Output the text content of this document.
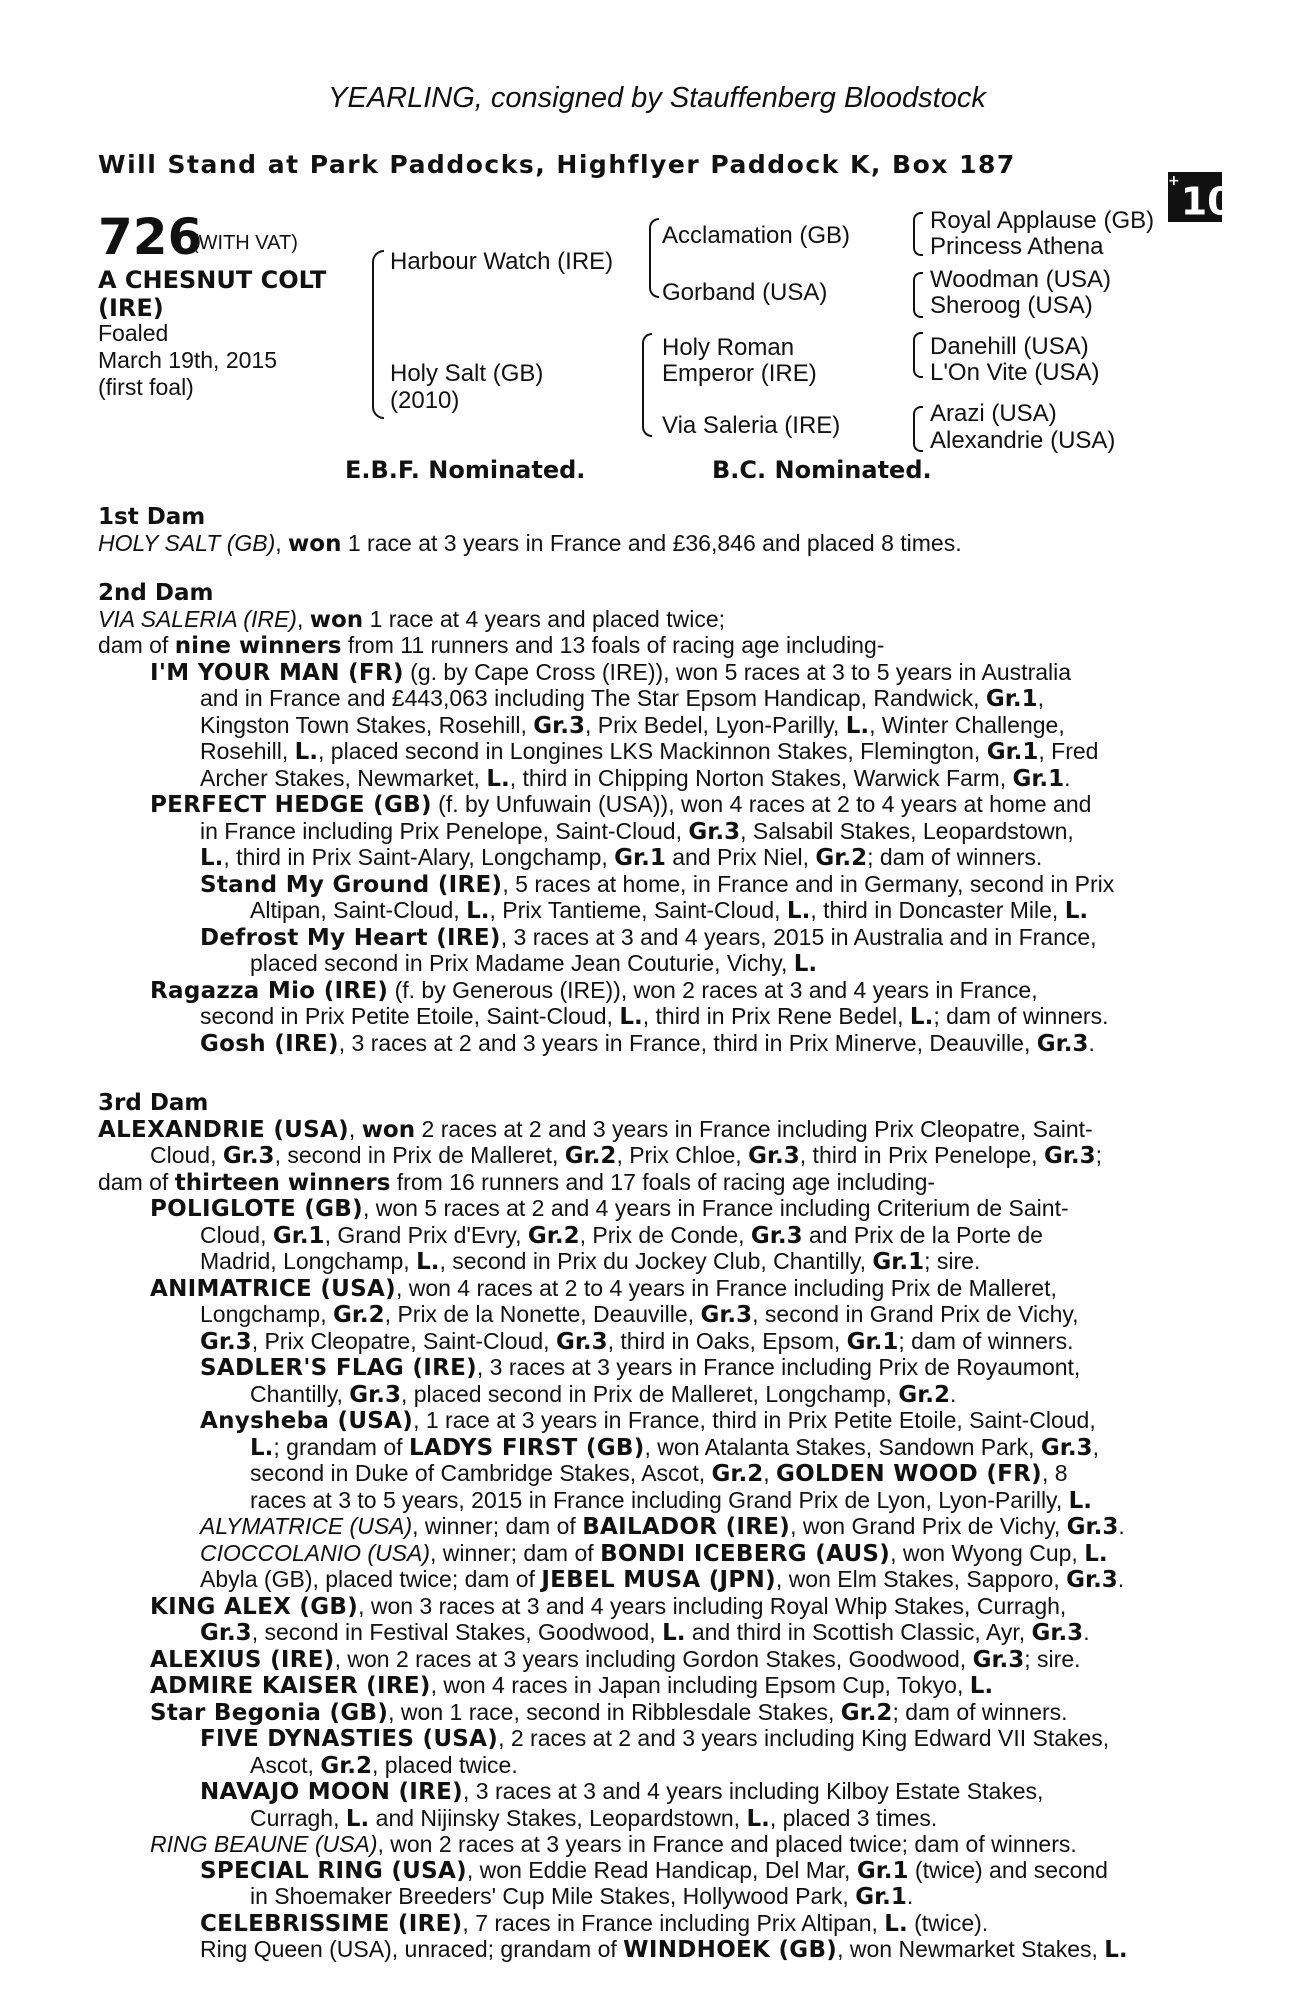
YEARLING, consigned by Stauffenberg Bloodstock
Will Stand at Park Paddocks, Highflyer Paddock K, Box 187
+10
726
(WITH VAT)
A CHESNUT COLT
(IRE)
Foaled
March 19th, 2015
(first foal)
Harbour Watch (IRE)
Holy Salt (GB)
(2010)
Acclamation (GB)
Gorband (USA)
Holy Roman
Emperor (IRE)
Via Saleria (IRE)
Royal Applause (GB)
Princess Athena
Woodman (USA)
Sheroog (USA)
Danehill (USA)
L'On Vite (USA)
Arazi (USA)
Alexandrie (USA)
E.B.F. Nominated.	B.C. Nominated.
1st Dam
HOLY SALT (GB), won 1 race at 3 years in France and £36,846 and placed 8 times.
2nd Dam
VIA SALERIA (IRE), won 1 race at 4 years and placed twice;
dam of nine winners from 11 runners and 13 foals of racing age including-
I'M YOUR MAN (FR) (g. by Cape Cross (IRE)), won 5 races at 3 to 5 years in Australia
and in France and £443,063 including The Star Epsom Handicap, Randwick, Gr.1,
Kingston Town Stakes, Rosehill, Gr.3, Prix Bedel, Lyon-Parilly, L., Winter Challenge,
Rosehill, L., placed second in Longines LKS Mackinnon Stakes, Flemington, Gr.1, Fred
Archer Stakes, Newmarket, L., third in Chipping Norton Stakes, Warwick Farm, Gr.1.
PERFECT HEDGE (GB) (f. by Unfuwain (USA)), won 4 races at 2 to 4 years at home and
in France including Prix Penelope, Saint-Cloud, Gr.3, Salsabil Stakes, Leopardstown,
L., third in Prix Saint-Alary, Longchamp, Gr.1 and Prix Niel, Gr.2; dam of winners.
Stand My Ground (IRE), 5 races at home, in France and in Germany, second in Prix
Altipan, Saint-Cloud, L., Prix Tantieme, Saint-Cloud, L., third in Doncaster Mile, L.
Defrost My Heart (IRE), 3 races at 3 and 4 years, 2015 in Australia and in France,
placed second in Prix Madame Jean Couturie, Vichy, L.
Ragazza Mio (IRE) (f. by Generous (IRE)), won 2 races at 3 and 4 years in France,
second in Prix Petite Etoile, Saint-Cloud, L., third in Prix Rene Bedel, L.; dam of winners.
Gosh (IRE), 3 races at 2 and 3 years in France, third in Prix Minerve, Deauville, Gr.3.
3rd Dam
ALEXANDRIE (USA), won 2 races at 2 and 3 years in France including Prix Cleopatre, Saint-
Cloud, Gr.3, second in Prix de Malleret, Gr.2, Prix Chloe, Gr.3, third in Prix Penelope, Gr.3;
dam of thirteen winners from 16 runners and 17 foals of racing age including-
POLIGLOTE (GB), won 5 races at 2 and 4 years in France including Criterium de Saint-
Cloud, Gr.1, Grand Prix d'Evry, Gr.2, Prix de Conde, Gr.3 and Prix de la Porte de
Madrid, Longchamp, L., second in Prix du Jockey Club, Chantilly, Gr.1; sire.
ANIMATRICE (USA), won 4 races at 2 to 4 years in France including Prix de Malleret,
Longchamp, Gr.2, Prix de la Nonette, Deauville, Gr.3, second in Grand Prix de Vichy,
Gr.3, Prix Cleopatre, Saint-Cloud, Gr.3, third in Oaks, Epsom, Gr.1; dam of winners.
SADLER'S FLAG (IRE), 3 races at 3 years in France including Prix de Royaumont,
Chantilly, Gr.3, placed second in Prix de Malleret, Longchamp, Gr.2.
Anysheba (USA), 1 race at 3 years in France, third in Prix Petite Etoile, Saint-Cloud,
L.; grandam of LADYS FIRST (GB), won Atalanta Stakes, Sandown Park, Gr.3,
second in Duke of Cambridge Stakes, Ascot, Gr.2, GOLDEN WOOD (FR), 8
races at 3 to 5 years, 2015 in France including Grand Prix de Lyon, Lyon-Parilly, L.
ALYMATRICE (USA), winner; dam of BAILADOR (IRE), won Grand Prix de Vichy, Gr.3.
CIOCCOLANIO (USA), winner; dam of BONDI ICEBERG (AUS), won Wyong Cup, L.
Abyla (GB), placed twice; dam of JEBEL MUSA (JPN), won Elm Stakes, Sapporo, Gr.3.
KING ALEX (GB), won 3 races at 3 and 4 years including Royal Whip Stakes, Curragh,
Gr.3, second in Festival Stakes, Goodwood, L. and third in Scottish Classic, Ayr, Gr.3.
ALEXIUS (IRE), won 2 races at 3 years including Gordon Stakes, Goodwood, Gr.3; sire.
ADMIRE KAISER (IRE), won 4 races in Japan including Epsom Cup, Tokyo, L.
Star Begonia (GB), won 1 race, second in Ribblesdale Stakes, Gr.2; dam of winners.
FIVE DYNASTIES (USA), 2 races at 2 and 3 years including King Edward VII Stakes,
Ascot, Gr.2, placed twice.
NAVAJO MOON (IRE), 3 races at 3 and 4 years including Kilboy Estate Stakes,
Curragh, L. and Nijinsky Stakes, Leopardstown, L., placed 3 times.
RING BEAUNE (USA), won 2 races at 3 years in France and placed twice; dam of winners.
SPECIAL RING (USA), won Eddie Read Handicap, Del Mar, Gr.1 (twice) and second
in Shoemaker Breeders' Cup Mile Stakes, Hollywood Park, Gr.1.
CELEBRISSIME (IRE), 7 races in France including Prix Altipan, L. (twice).
Ring Queen (USA), unraced; grandam of WINDHOEK (GB), won Newmarket Stakes, L.
